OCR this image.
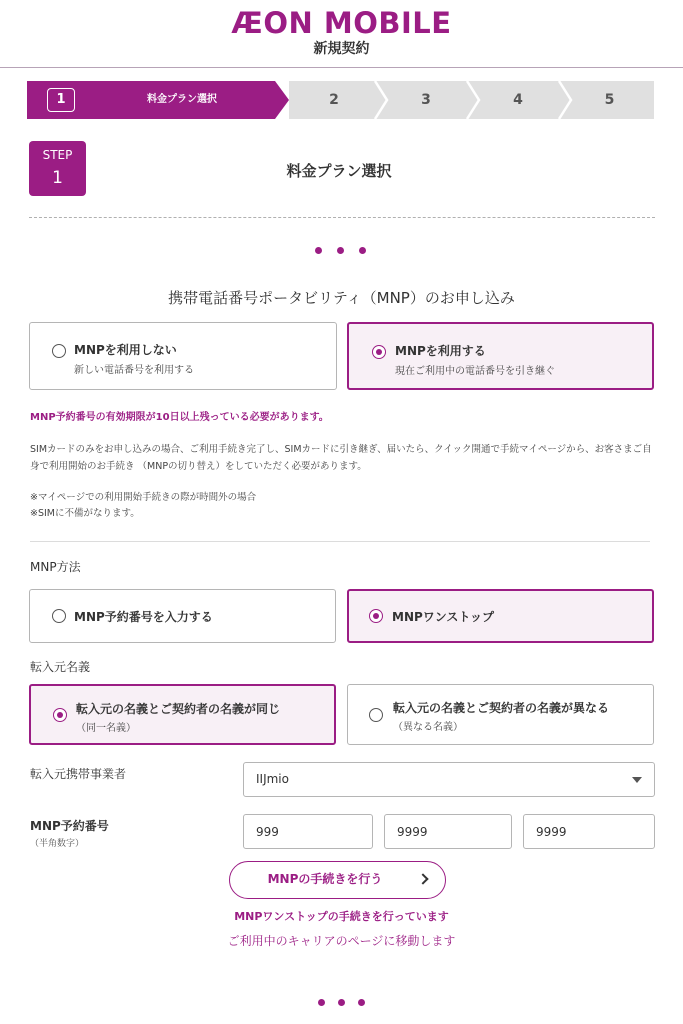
ÆON MOBILE
新規契約
1	料金プラン選択	2	3	4	5
STEP
1	料金プラン選択
携帯電話番号ポータビリティ（MNP）のお申し込み
MNPを利用しない
新しい電話番号を利用する
MNPを利用する
現在ご利用中の電話番号を引き継ぐ
MNP予約番号の有効期限が10日以上残っている必要があります。
SIMカードのみをお申し込みの場合、ご利用手続き完了し、SIMカードに引き継ぎ、届いたら、クイック開通で手続マイページから、お客さまご自身で利用開始のお手続き （MNPの切り替え）をしていただく必要があります。
※マイページでの利用開始手続きの際が時間外の場合
※SIMに不備がなります。
MNP方法
MNP予約番号を入力する	MNPワンストップ
転入元名義
転入元の名義とご契約者の名義が同じ
（同一名義）
転入元の名義とご契約者の名義が異なる
（異なる名義）
転入元携帯事業者	IIJmio
MNP予約番号
（半角数字）
999
9999
9999
MNPの手続きを行う
MNPワンストップの手続きを行っています
ご利用中のキャリアのページに移動します
